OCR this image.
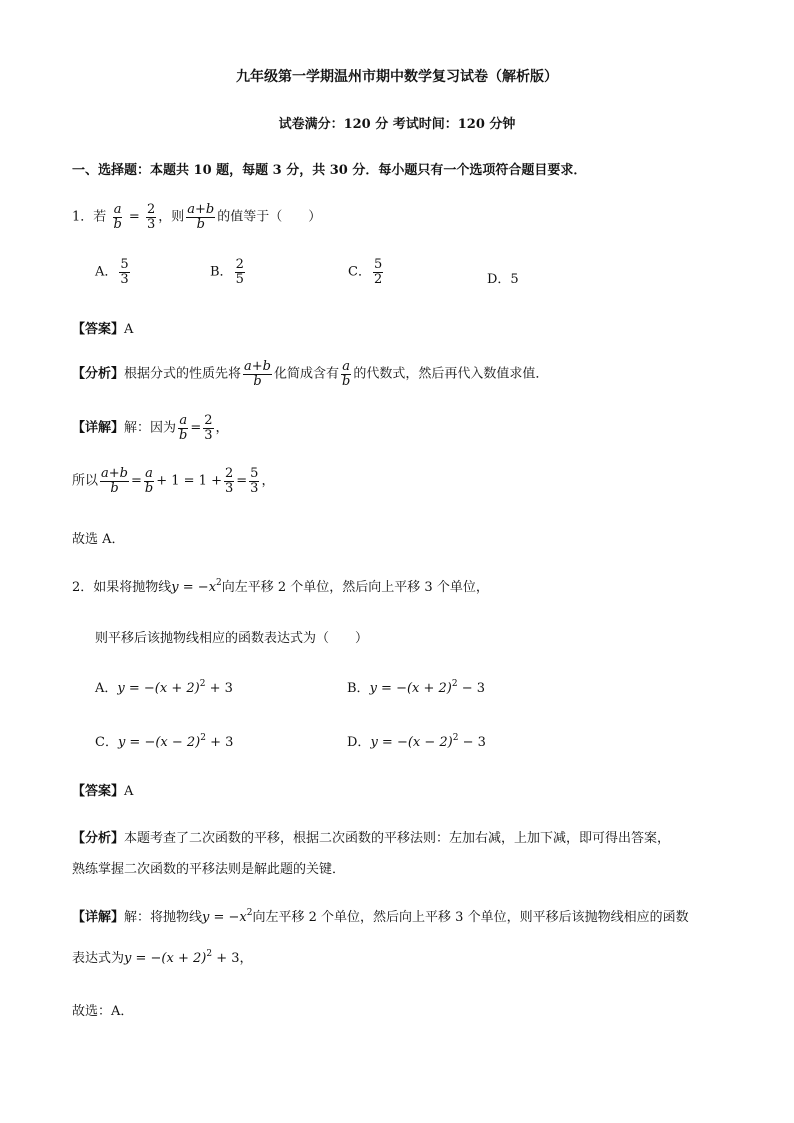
九年级第一学期温州市期中数学复习试卷（解析版）
试卷满分：120 分 考试时间：120 分钟
一、选择题：本题共 10 题，每题 3 分，共 30 分．每小题只有一个选项符合题目要求．
1．若 $\frac{a}{b} = \frac{2}{3}$ ，则 $\frac{a+b}{b}$ 的值等于（　　）
A． $\frac{5}{3}$	B． $\frac{2}{5}$	C． $\frac{5}{2}$	D．5
【答案】A
【分析】根据分式的性质先将 $\frac{a+b}{b}$ 化简成含有 $\frac{a}{b}$ 的代数式，然后再代入数值求值．
【详解】解：因为 $\frac{a}{b} = \frac{2}{3}$ ，
所以 $\frac{a+b}{b} = \frac{a}{b} + 1 = 1 + \frac{2}{3} = \frac{5}{3}$ ，
故选 A．
2．如果将抛物线$y = -x^2$向左平移 2 个单位，然后向上平移 3 个单位，
则平移后该抛物线相应的函数表达式为（　　）
A．$y = -(x + 2)^2 + 3$	B．$y = -(x + 2)^2 - 3$
C．$y = -(x - 2)^2 + 3$	D．$y = -(x - 2)^2 - 3$
【答案】A
【分析】本题考查了二次函数的平移，根据二次函数的平移法则：左加右减，上加下减，即可得出答案，
熟练掌握二次函数的平移法则是解此题的关键．
【详解】解：将抛物线$y = -x^2$向左平移 2 个单位，然后向上平移 3 个单位，则平移后该抛物线相应的函数
表达式为$y = -(x + 2)^2 + 3$，
故选：A．
